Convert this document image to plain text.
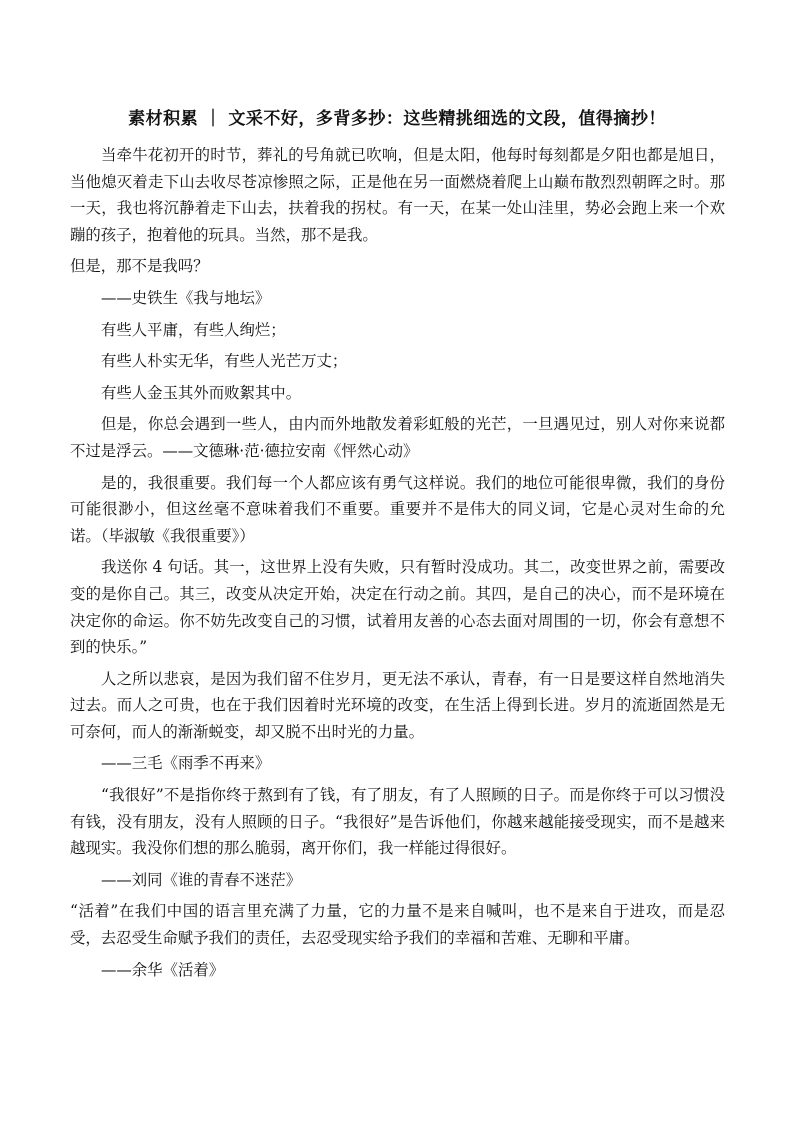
素材积累 ｜ 文采不好，多背多抄：这些精挑细选的文段，值得摘抄！

当牵牛花初开的时节，葬礼的号角就已吹响，但是太阳，他每时每刻都是夕阳也都是旭日，当他熄灭着走下山去收尽苍凉惨照之际，正是他在另一面燃烧着爬上山巅布散烈烈朝晖之时。那一天，我也将沉静着走下山去，扶着我的拐杖。有一天，在某一处山洼里，势必会跑上来一个欢蹦的孩子，抱着他的玩具。当然，那不是我。

但是，那不是我吗？

——史铁生《我与地坛》

有些人平庸，有些人绚烂；

有些人朴实无华，有些人光芒万丈；

有些人金玉其外而败絮其中。

但是，你总会遇到一些人，由内而外地散发着彩虹般的光芒，一旦遇见过，别人对你来说都不过是浮云。——文德琳·范·德拉安南《怦然心动》

是的，我很重要。我们每一个人都应该有勇气这样说。我们的地位可能很卑微，我们的身份可能很渺小，但这丝毫不意味着我们不重要。重要并不是伟大的同义词，它是心灵对生命的允诺。（毕淑敏《我很重要》）

我送你 4 句话。其一，这世界上没有失败，只有暂时没成功。其二，改变世界之前，需要改变的是你自己。其三，改变从决定开始，决定在行动之前。其四，是自己的决心，而不是环境在决定你的命运。你不妨先改变自己的习惯，试着用友善的心态去面对周围的一切，你会有意想不到的快乐。”

人之所以悲哀，是因为我们留不住岁月，更无法不承认，青春，有一日是要这样自然地消失过去。而人之可贵，也在于我们因着时光环境的改变，在生活上得到长进。岁月的流逝固然是无可奈何，而人的渐渐蜕变，却又脱不出时光的力量。

——三毛《雨季不再来》

“我很好”不是指你终于熬到有了钱，有了朋友，有了人照顾的日子。而是你终于可以习惯没有钱，没有朋友，没有人照顾的日子。“我很好”是告诉他们，你越来越能接受现实，而不是越来越现实。我没你们想的那么脆弱，离开你们，我一样能过得很好。

——刘同《谁的青春不迷茫》

“活着”在我们中国的语言里充满了力量，它的力量不是来自喊叫，也不是来自于进攻，而是忍受，去忍受生命赋予我们的责任，去忍受现实给予我们的幸福和苦难、无聊和平庸。

——余华《活着》
